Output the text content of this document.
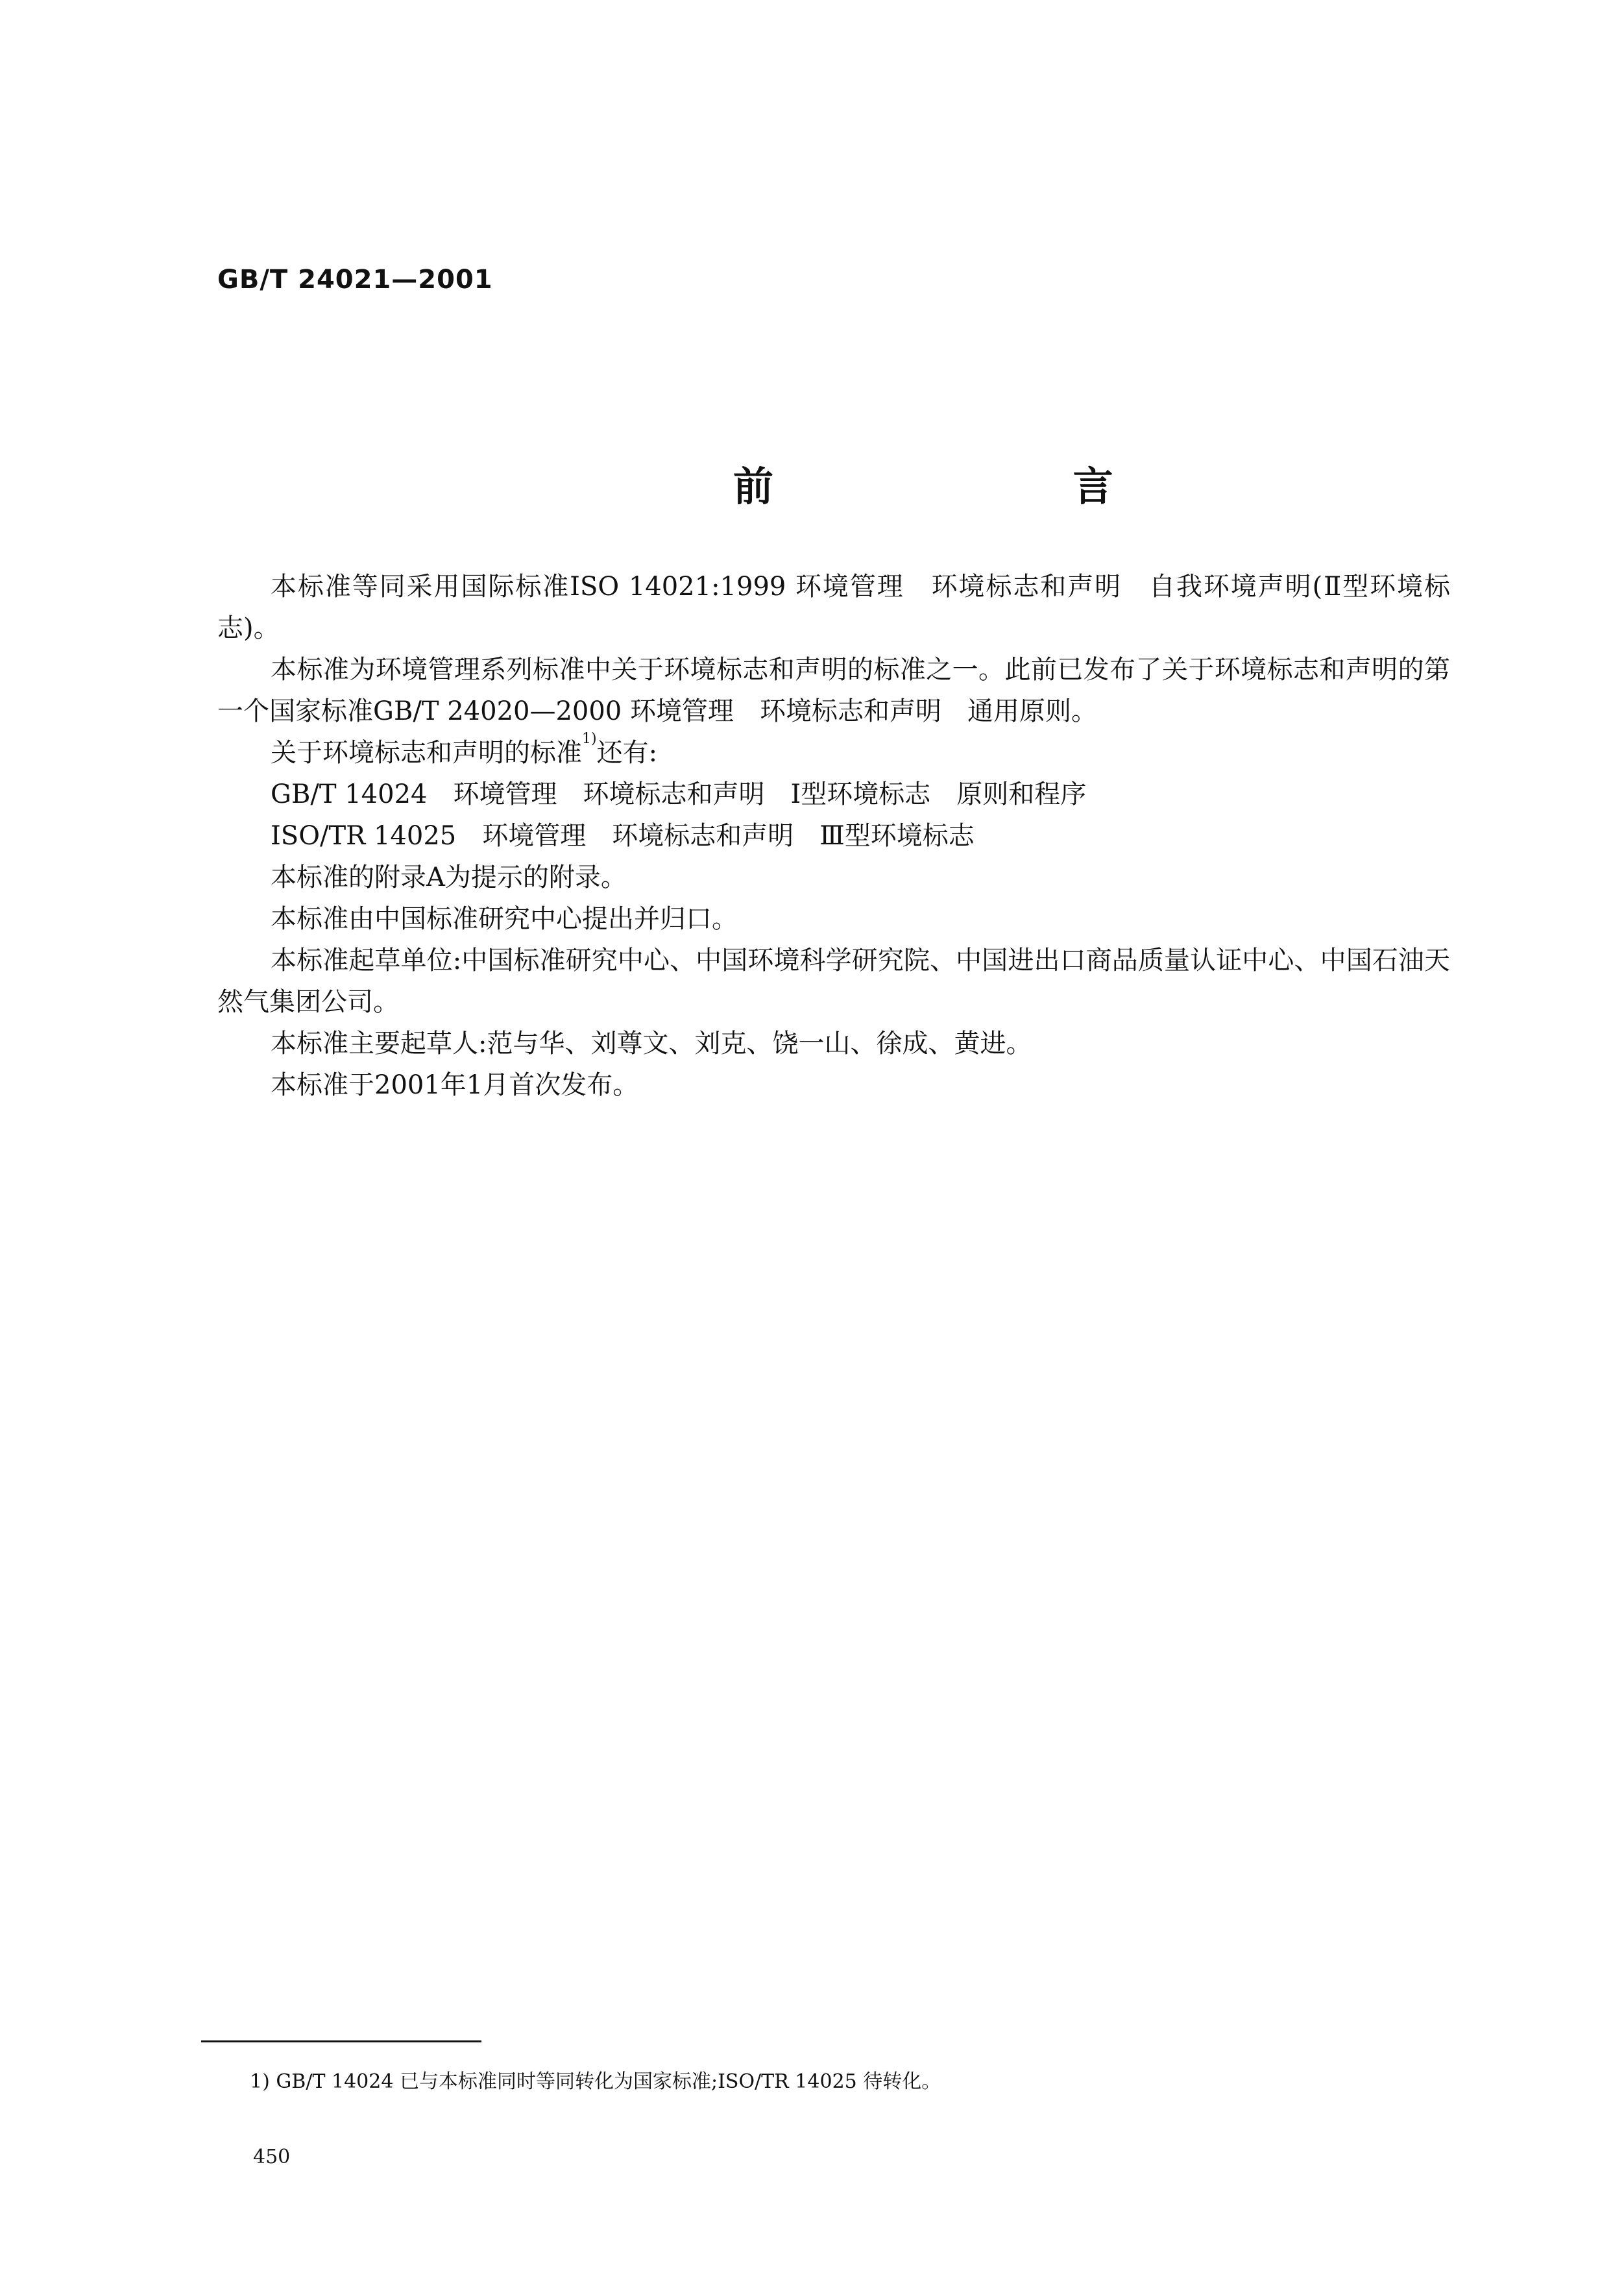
GB/T 24021—2001
前 言

本标准等同采用国际标准ISO 14021:1999 环境管理　环境标志和声明　自我环境声明(Ⅱ型环境标志)。

本标准为环境管理系列标准中关于环境标志和声明的标准之一。此前已发布了关于环境标志和声明的第一个国家标准GB/T 24020—2000 环境管理　环境标志和声明　通用原则。

关于环境标志和声明的标准$^{1)}$还有:

GB/T 14024　环境管理　环境标志和声明　Ⅰ型环境标志　原则和程序

ISO/TR 14025　环境管理　环境标志和声明　Ⅲ型环境标志

本标准的附录A为提示的附录。

本标准由中国标准研究中心提出并归口。

本标准起草单位:中国标准研究中心、中国环境科学研究院、中国进出口商品质量认证中心、中国石油天然气集团公司。

本标准主要起草人:范与华、刘尊文、刘克、饶一山、徐成、黄进。

本标准于2001年1月首次发布。

1) GB/T 14024 已与本标准同时等同转化为国家标准;ISO/TR 14025 待转化。
450
